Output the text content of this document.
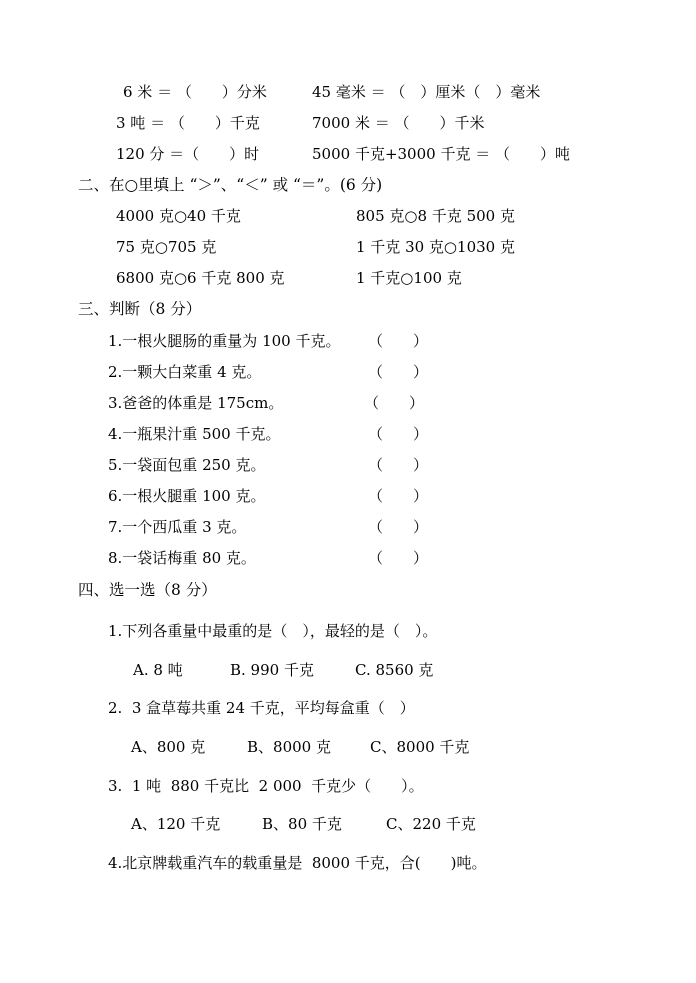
6 米 ＝ （　　）分米	45 毫米 ＝ （　）厘米（　）毫米
3 吨 ＝ （　　）千克	7000 米 ＝ （　　）千米
120 分 ＝（　　）时	5000 千克+3000 千克 ＝ （　　）吨
二、在○里填上 “＞”、“＜” 或 “＝”。(6 分)
4000 克○40 千克	805 克○8 千克 500 克
75 克○705 克	1 千克 30 克○1030 克
6800 克○6 千克 800 克	1 千克○100 克
三、判断（8 分）
1.一根火腿肠的重量为 100 千克。 （　　）
2.一颗大白菜重 4 克。	（　　）
3.爸爸的体重是 175cm。	（　　）
4.一瓶果汁重 500 千克。	（　　）
5.一袋面包重 250 克。	（　　）
6.一根火腿重 100 克。	（　　）
7.一个西瓜重 3 克。	（　　）
8.一袋话梅重 80 克。	（　　）
四、选一选（8 分）
1.下列各重量中最重的是（　），最轻的是（　）。
A. 8 吨	B. 990 千克	C. 8560 克
2.  3 盒草莓共重 24 千克，平均每盒重（　）
A、800 克	B、8000 克	C、8000 千克
3.  1 吨  880 千克比  2 000  千克少（　　）。
A、120 千克	B、80 千克	C、220 千克
4.北京牌载重汽车的载重量是  8000 千克，合(　　)吨。
